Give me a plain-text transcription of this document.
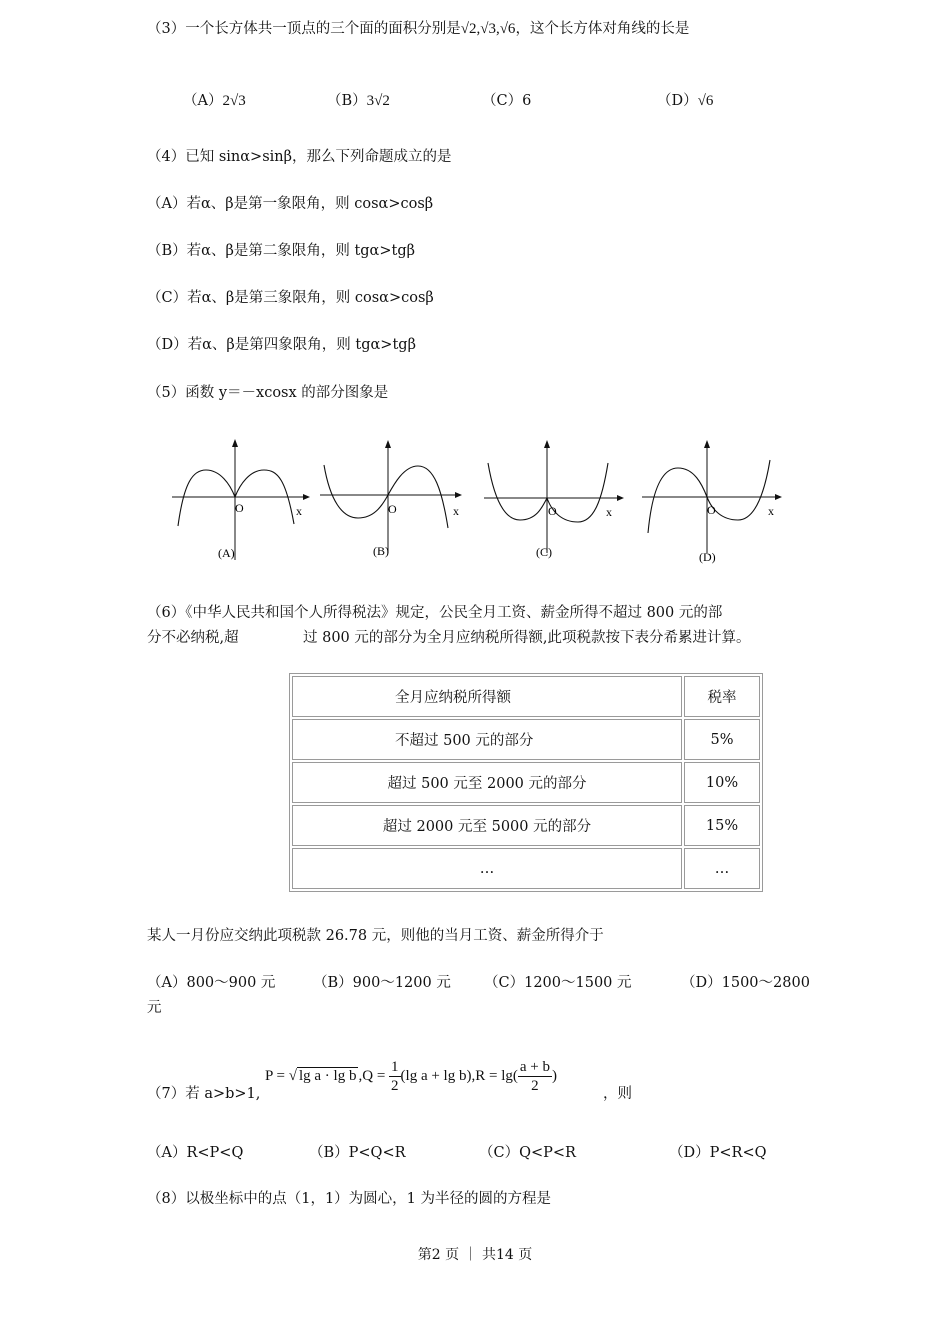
（3）一个长方体共一顶点的三个面的面积分别是√2,√3,√6，这个长方体对角线的长是
（A）2√3	（B）3√2	（C）6	（D）√6
（4）已知 sinα>sinβ，那么下列命题成立的是
（A）若α、β是第一象限角，则 cosα>cosβ
（B）若α、β是第二象限角，则 tgα>tgβ
（C）若α、β是第三象限角，则 cosα>cosβ
（D）若α、β是第四象限角，则 tgα>tgβ
（5）函数 y＝－xcosx 的部分图象是
O	x
(A)
O	x
(B)
O	x
(C)
O	x
(D)
（6）《中华人民共和国个人所得税法》规定，公民全月工资、薪金所得不超过 800 元的部
分不必纳税,超	过 800 元的部分为全月应纳税所得额,此项税款按下表分希累进计算。
全月应纳税所得额	税率
不超过 500 元的部分	5%
超过 500 元至 2000 元的部分	10%
超过 2000 元至 5000 元的部分	15%
…	…
某人一月份应交纳此项税款 26.78 元，则他的当月工资、薪金所得介于
（A）800～900 元	（B）900～1200 元 （C）1200～1500 元	（D）1500～2800
元
（7）若 a>b>1,
P = √ lg a · lg b $,Q = \frac{1}{2} (\lg$ $a + \lg b),R = \lg( \frac{a + b}{2}$ )
，则
（A）R<P<Q	（B）P<Q<R	（C）Q<P<R	（D）P<R<Q
（8）以极坐标中的点（1，1）为圆心，1 为半径的圆的方程是
第2 页 ｜ 共14 页
